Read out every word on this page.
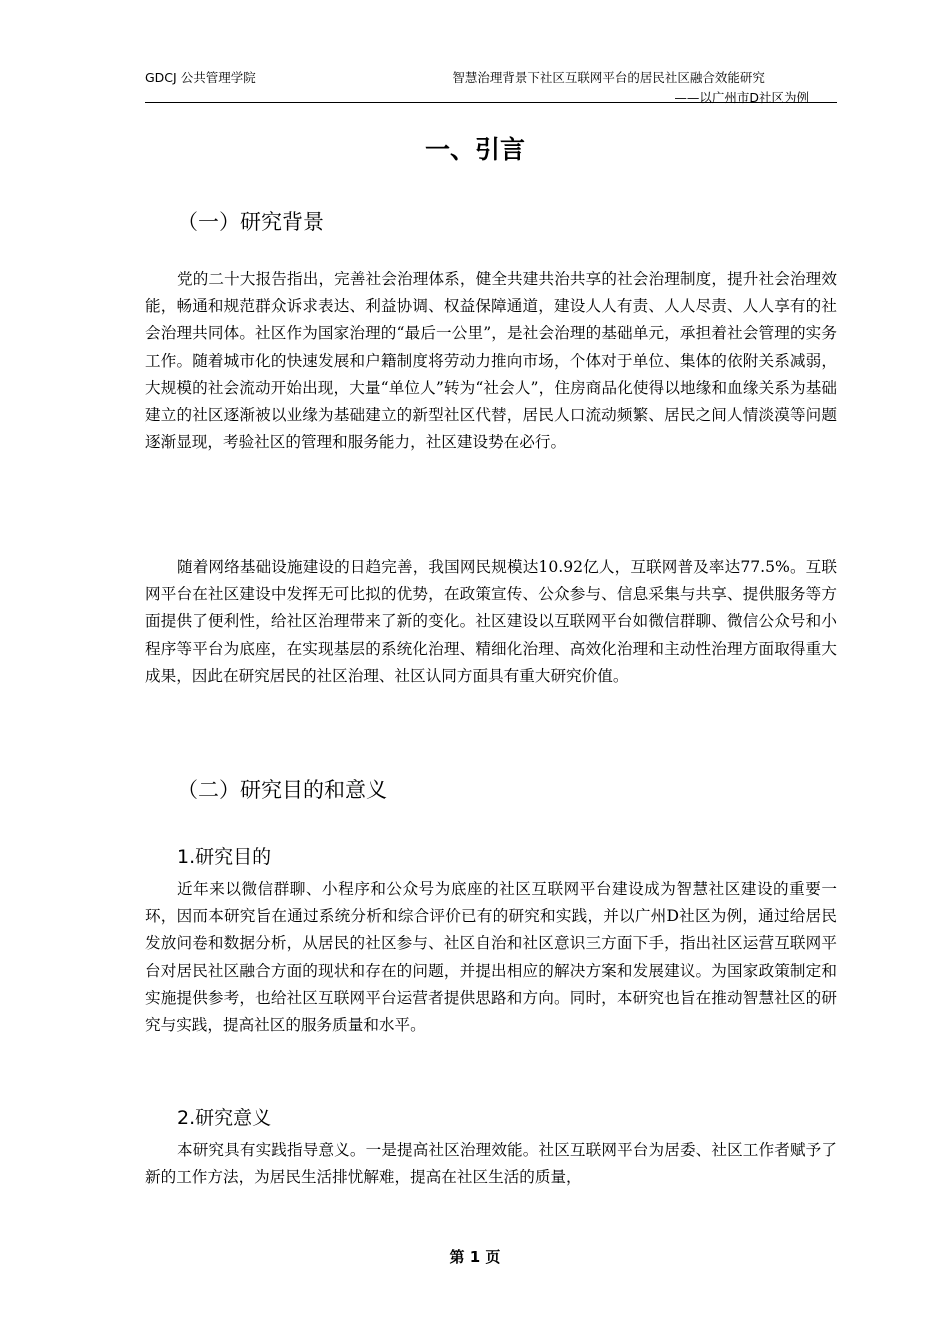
GDCJ 公共管理学院	智慧治理背景下社区互联网平台的居民社区融合效能研究
——以广州市D社区为例
一、引言
（一）研究背景

党的二十大报告指出，完善社会治理体系，健全共建共治共享的社会治理制度，提升社会治理效能，畅通和规范群众诉求表达、利益协调、权益保障通道，建设人人有责、人人尽责、人人享有的社会治理共同体。社区作为国家治理的“最后一公里”，是社会治理的基础单元，承担着社会管理的实务工作。随着城市化的快速发展和户籍制度将劳动力推向市场，个体对于单位、集体的依附关系减弱，大规模的社会流动开始出现，大量“单位人”转为“社会人”，住房商品化使得以地缘和血缘关系为基础建立的社区逐渐被以业缘为基础建立的新型社区代替，居民人口流动频繁、居民之间人情淡漠等问题逐渐显现，考验社区的管理和服务能力，社区建设势在必行。

随着网络基础设施建设的日趋完善，我国网民规模达10.92亿人，互联网普及率达77.5%。互联网平台在社区建设中发挥无可比拟的优势，在政策宣传、公众参与、信息采集与共享、提供服务等方面提供了便利性，给社区治理带来了新的变化。社区建设以互联网平台如微信群聊、微信公众号和小程序等平台为底座，在实现基层的系统化治理、精细化治理、高效化治理和主动性治理方面取得重大成果，因此在研究居民的社区治理、社区认同方面具有重大研究价值。

（二）研究目的和意义
1.研究目的

近年来以微信群聊、小程序和公众号为底座的社区互联网平台建设成为智慧社区建设的重要一环，因而本研究旨在通过系统分析和综合评价已有的研究和实践，并以广州D社区为例，通过给居民发放问卷和数据分析，从居民的社区参与、社区自治和社区意识三方面下手，指出社区运营互联网平台对居民社区融合方面的现状和存在的问题，并提出相应的解决方案和发展建议。为国家政策制定和实施提供参考，也给社区互联网平台运营者提供思路和方向。同时，本研究也旨在推动智慧社区的研究与实践，提高社区的服务质量和水平。

2.研究意义

本研究具有实践指导意义。一是提高社区治理效能。社区互联网平台为居委、社区工作者赋予了新的工作方法，为居民生活排忧解难，提高在社区生活的质量，

第 1 页
